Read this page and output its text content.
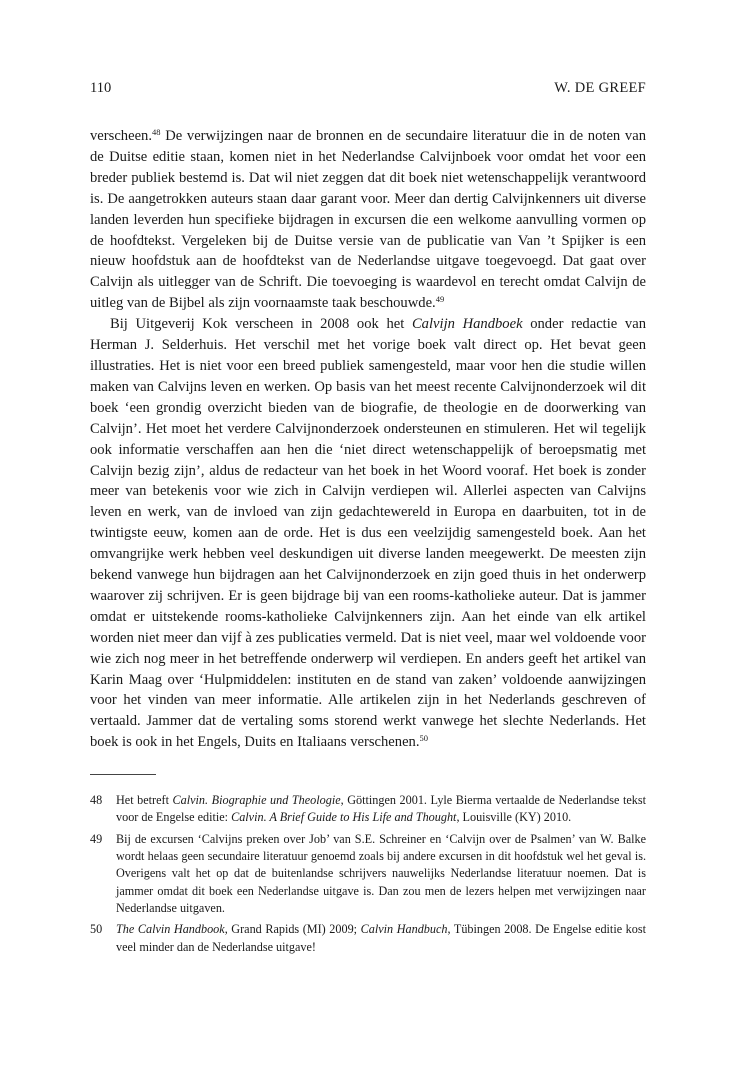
110	W. DE GREEF

verscheen.$^{48}$ De verwijzingen naar de bronnen en de secundaire literatuur die in de noten van de Duitse editie staan, komen niet in het Nederlandse Calvijnboek voor omdat het voor een breder publiek bestemd is. Dat wil niet zeggen dat dit boek niet wetenschappelijk verantwoord is. De aangetrokken auteurs staan daar garant voor. Meer dan dertig Calvijnkenners uit diverse landen leverden hun specifieke bijdragen in excursen die een welkome aanvulling vormen op de hoofdtekst. Vergeleken bij de Duitse versie van de publicatie van Van ’t Spijker is een nieuw hoofdstuk aan de hoofdtekst van de Nederlandse uitgave toegevoegd. Dat gaat over Calvijn als uitlegger van de Schrift. Die toevoeging is waardevol en terecht omdat Calvijn de uitleg van de Bijbel als zijn voornaamste taak beschouwde.$^{49}$

Bij Uitgeverij Kok verscheen in 2008 ook het Calvijn Handboek onder redactie van Herman J. Selderhuis. Het verschil met het vorige boek valt direct op. Het bevat geen illustraties. Het is niet voor een breed publiek samengesteld, maar voor hen die studie willen maken van Calvijns leven en werken. Op basis van het meest recente Calvijnonderzoek wil dit boek ‘een grondig overzicht bieden van de biografie, de theologie en de doorwerking van Calvijn’. Het moet het verdere Calvijnonderzoek ondersteunen en stimuleren. Het wil tegelijk ook informatie verschaffen aan hen die ‘niet direct wetenschappelijk of beroepsmatig met Calvijn bezig zijn’, aldus de redacteur van het boek in het Woord vooraf. Het boek is zonder meer van betekenis voor wie zich in Calvijn verdiepen wil. Allerlei aspecten van Calvijns leven en werk, van de invloed van zijn gedachtewereld in Europa en daarbuiten, tot in de twintigste eeuw, komen aan de orde. Het is dus een veelzijdig samengesteld boek. Aan het omvangrijke werk hebben veel deskundigen uit diverse landen meegewerkt. De meesten zijn bekend vanwege hun bijdragen aan het Calvijnonderzoek en zijn goed thuis in het onderwerp waarover zij schrijven. Er is geen bijdrage bij van een rooms-katholieke auteur. Dat is jammer omdat er uitstekende rooms-katholieke Calvijnkenners zijn. Aan het einde van elk artikel worden niet meer dan vijf à zes publicaties vermeld. Dat is niet veel, maar wel voldoende voor wie zich nog meer in het betreffende onderwerp wil verdiepen. En anders geeft het artikel van Karin Maag over ‘Hulpmiddelen: instituten en de stand van zaken’ voldoende aanwijzingen voor het vinden van meer informatie. Alle artikelen zijn in het Nederlands geschreven of vertaald. Jammer dat de vertaling soms storend werkt vanwege het slechte Nederlands. Het boek is ook in het Engels, Duits en Italiaans verschenen.$^{50}$

48	Het betreft Calvin. Biographie und Theologie, Göttingen 2001. Lyle Bierma vertaalde de Nederlandse tekst voor de Engelse editie: Calvin. A Brief Guide to His Life and Thought, Louisville (KY) 2010.
49	Bij de excursen ‘Calvijns preken over Job’ van S.E. Schreiner en ‘Calvijn over de Psalmen’ van W. Balke wordt helaas geen secundaire literatuur genoemd zoals bij andere excursen in dit hoofdstuk wel het geval is. Overigens valt het op dat de buitenlandse schrijvers nauwelijks Nederlandse literatuur noemen. Dat is jammer omdat dit boek een Nederlandse uitgave is. Dan zou men de lezers helpen met verwijzingen naar Nederlandse uitgaven.
50	The Calvin Handbook, Grand Rapids (MI) 2009; Calvin Handbuch, Tübingen 2008. De Engelse editie kost veel minder dan de Nederlandse uitgave!
